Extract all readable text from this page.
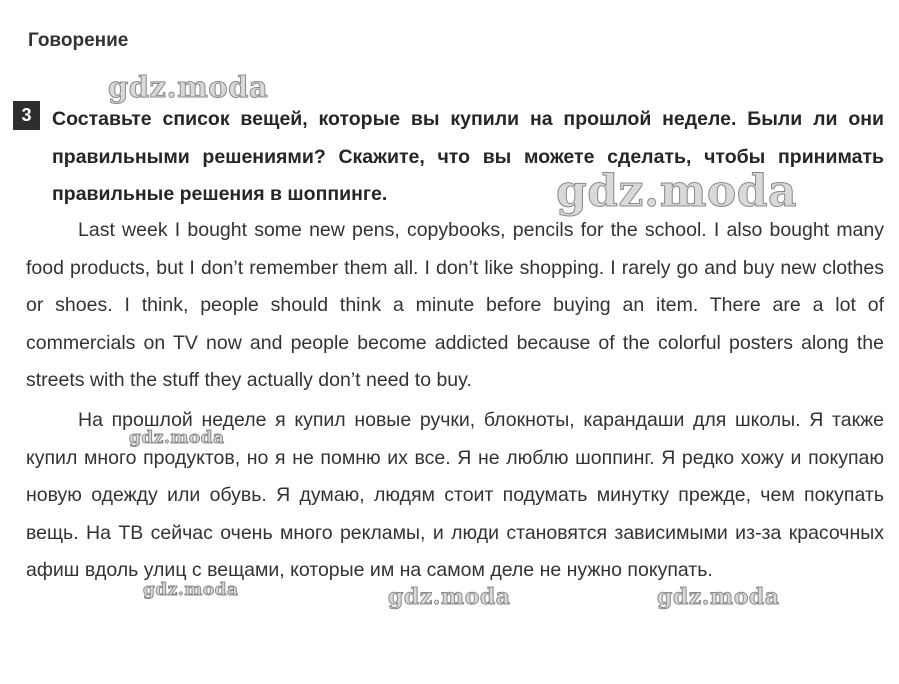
Говорение
3	Составьте список вещей, которые вы купили на прошлой неделе. Были ли они правильными решениями? Скажите, что вы можете сделать, чтобы принимать правильные решения в шоппинге.
Last week I bought some new pens, copybooks, pencils for the school. I also bought many food products, but I don’t remember them all. I don’t like shopping. I rarely go and buy new clothes or shoes. I think, people should think a minute before buying an item. There are a lot of commercials on TV now and people become addicted because of the colorful posters along the streets with the stuff they actually don’t need to buy.
На прошлой неделе я купил новые ручки, блокноты, карандаши для школы. Я также купил много продуктов, но я не помню их все. Я не люблю шоппинг. Я редко хожу и покупаю новую одежду или обувь. Я думаю, людям стоит подумать минутку прежде, чем покупать вещь. На ТВ сейчас очень много рекламы, и люди становятся зависимыми из-за красочных афиш вдоль улиц с вещами, которые им на самом деле не нужно покупать.
gdz.moda
gdz.moda
gdz.moda
gdz.moda	gdz.moda	gdz.moda
